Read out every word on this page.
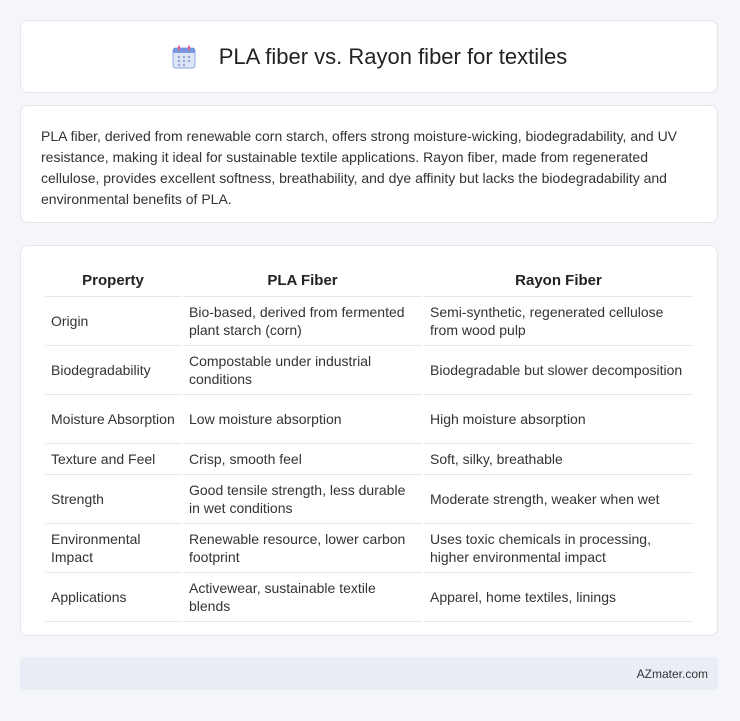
PLA fiber vs. Rayon fiber for textiles

PLA fiber, derived from renewable corn starch, offers strong moisture-wicking, biodegradability, and UV resistance, making it ideal for sustainable textile applications. Rayon fiber, made from regenerated cellulose, provides excellent softness, breathability, and dye affinity but lacks the biodegradability and environmental benefits of PLA.

Property	PLA Fiber	Rayon Fiber
Origin	Bio-based, derived from fermented plant starch (corn)	Semi-synthetic, regenerated cellulose from wood pulp
Biodegradability	Compostable under industrial conditions	Biodegradable but slower decomposition
Moisture Absorption	Low moisture absorption	High moisture absorption
Texture and Feel	Crisp, smooth feel	Soft, silky, breathable
Strength	Good tensile strength, less durable in wet conditions	Moderate strength, weaker when wet
Environmental Impact	Renewable resource, lower carbon footprint	Uses toxic chemicals in processing, higher environmental impact
Applications	Activewear, sustainable textile blends	Apparel, home textiles, linings
AZmater.com
